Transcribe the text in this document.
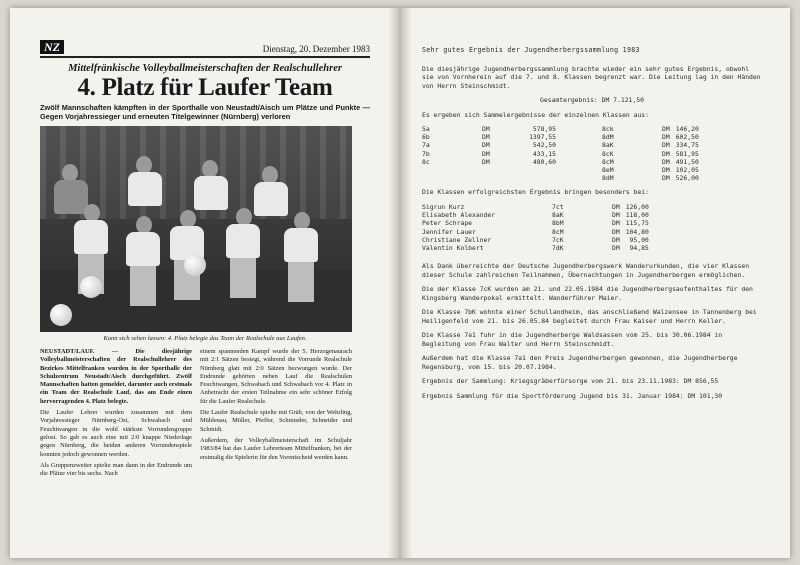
NZ	Dienstag, 20. Dezember 1983
Mittelfränkische Volleyballmeisterschaften der Realschullehrer
4. Platz für Laufer Team
Zwölf Mannschaften kämpften in der Sporthalle von Neustadt/Aisch um Plätze und Punkte — Gegen Vorjahressieger und erneuten Titelgewinner (Nürnberg) verloren
Kann sich sehen lassen: 4. Platz belegte das Team der Realschule aus Laufen.

NEUSTADT/LAUF. — Die diesjährige Volleyballmeisterschaften der Realschullehrer des Bezirkes Mittelfranken wurden in der Sporthalle der Schulzentrum Neustadt/Aisch durchgeführt. Zwölf Mannschaften hatten gemeldet, darunter auch erstmals ein Team der Realschule Lauf, das am Ende einen hervorragenden 4. Platz belegte.

Die Laufer Lehrer wurden zusammen mit dem Vorjahressieger Nürnberg-Ost, Schwabach und Feuchtwangen in die wohl stärkste Vorrundengruppe gelost. So gab es auch eine mit 2:0 knappe Niederlage gegen Nürnberg, die beiden anderen Vorrundenspiele konnten jedoch gewonnen werden.

Als Gruppenzweiter spielte man dann in der Endrunde um die Plätze vier bis sechs. Nach

einem spannenden Kampf wurde der 5. Herzogenaurach mit 2:1 Sätzen besiegt, während die Vorrunde Realschule Nürnberg glatt mit 2:0 Sätzen bezwungen wurde. Der Endrunde gehörten neben Lauf die Realschulen Feuchtwangen, Schwabach und Schwabach vor 4. Platz in Anbetracht der ersten Teilnahme ein sehr schöner Erfolg für die Laufer Realschule.

Die Laufer Realschule spielte mit Gräb, von der Wehrling, Mühlenau, Müller, Pfeffer, Schmieder, Schneider und Schmidt.

Außerdem, der Volleyballmeisterschaft im Schuljahr 1983/84 hat das Laufer Lehrerteam Mittelfranken, bei der erstmalig die Spielerin für den Vorentscheid werden kann.

Sehr gutes Ergebnis der Jugendherbergssammlung 1983

Die diesjährige Jugendherbergssammlung brachte wieder ein sehr gutes Ergebnis, obwohl sie von Vornherein auf die 7. und 8. Klassen begrenzt war. Die Leitung lag in den Händen von Herrn Steinschmidt.

Gesamtergebnis: DM 7.121,50

Es ergeben sich Sammelergebnisse der einzelnen Klassen aus:

5a	DM	578,95		8ck	DM	146,20
6b	DM	1397,55		8dM	DM	602,50
7a	DM	542,50		8aK	DM	334,75
7b	DM	433,15		8cK	DM	581,95
8c	DM	480,60		8cM	DM	491,50
				8eM	DM	102,05
				8dM	DM	526,00

Die Klassen erfolgreichsten Ergebnis bringen besonders bei:

Sigrun Kurz	7ct	DM	126,00
Elisabeth Alexander	8aK	DM	118,00
Peter Schrape	8bM	DM	115,75
Jennifer Lauer	8cM	DM	104,80
Christiane Zellner	7cK	DM	95,00
Valentin Kolbert	7dK	DM	94,85

Als Dank überreichte der Deutsche Jugendherbergswerk Wanderurkunden, die vier Klassen dieser Schule zahlreichen Teilnahmen, Übernachtungen in Jugendherbergen ermöglichen.

Die der Klasse 7cK wurden am 21. und 22.05.1984 die Jugendherbergsaufenthaltes für den Kingsberg Wanderpokal ermittelt. Wanderführer Maier.

Die Klasse 7bK wohnte einer Schullandheim, das anschließend Walzensee in Tannenberg bei Heiligenfeld vom 21. bis 26.05.84 begleitet durch Frau Kaiser und Herrn Keller.

Die Klasse 7a1 fuhr in die Jugendherberge Waldsassen vom 25. bis 30.06.1984 in Begleitung von Frau Walter und Herrn Steinschmidt.

Außerdem hat die Klasse 7a1 den Preis Jugendherbergen gewonnen, die Jugendherberge Regensburg, vom 15. bis 20.07.1984.

Ergebnis der Sammlung: Kriegsgräberfürsorge vom 21. bis 23.11.1983: DM 856,55

Ergebnis Sammlung für die Sportförderung Jugend bis 31. Januar 1984: DM 101,30
